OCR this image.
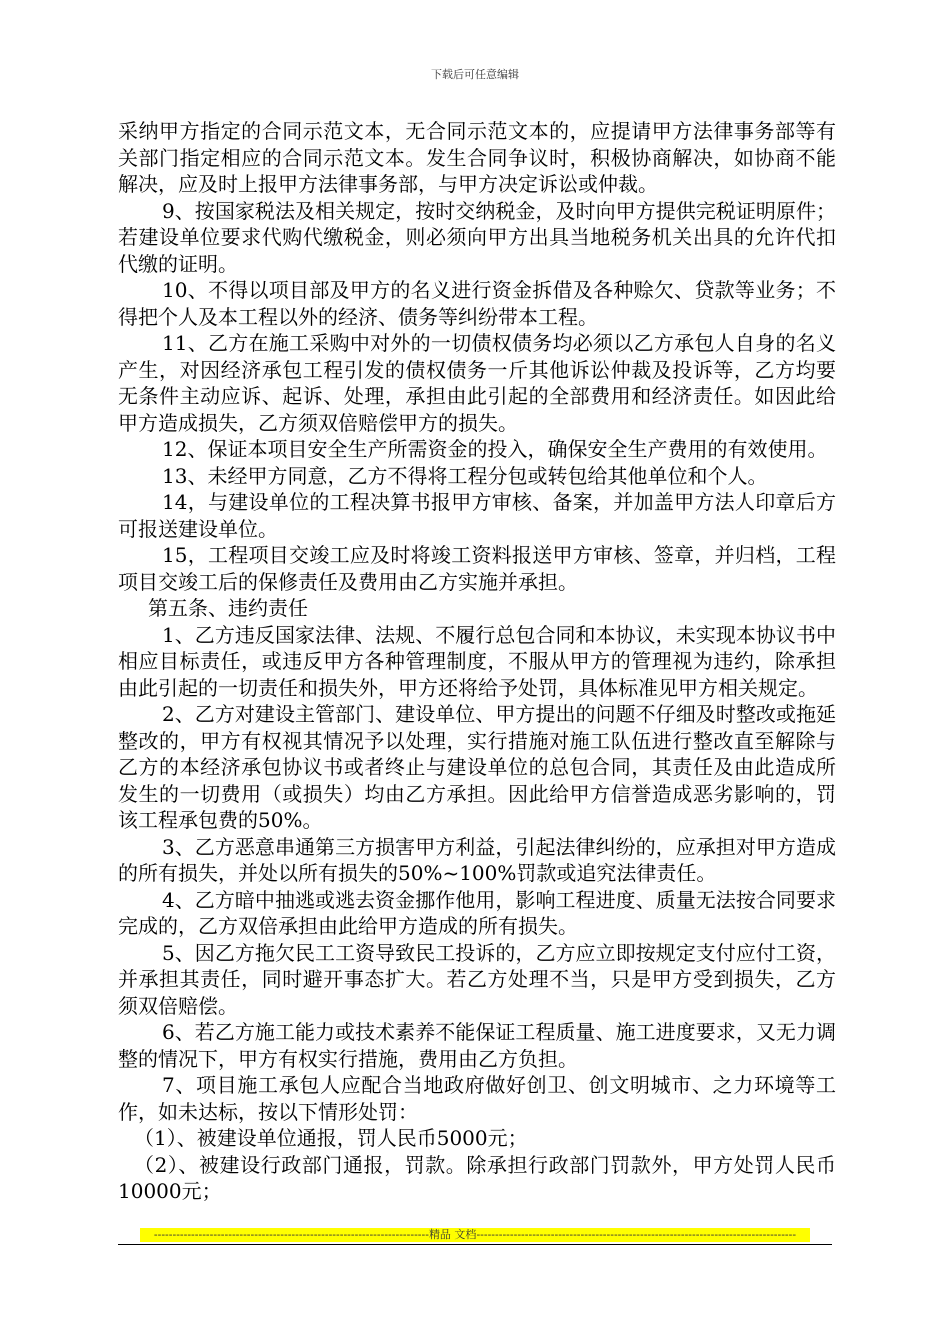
下载后可任意编辑

采纳甲方指定的合同示范文本，无合同示范文本的，应提请甲方法律事务部等有关部门指定相应的合同示范文本。发生合同争议时，积极协商解决，如协商不能解决，应及时上报甲方法律事务部，与甲方决定诉讼或仲裁。

9、按国家税法及相关规定，按时交纳税金，及时向甲方提供完税证明原件；若建设单位要求代购代缴税金，则必须向甲方出具当地税务机关出具的允许代扣代缴的证明。

10、不得以项目部及甲方的名义进行资金拆借及各种赊欠、贷款等业务；不得把个人及本工程以外的经济、债务等纠纷带本工程。

11、乙方在施工采购中对外的一切债权债务均必须以乙方承包人自身的名义产生，对因经济承包工程引发的债权债务一斤其他诉讼仲裁及投诉等，乙方均要无条件主动应诉、起诉、处理，承担由此引起的全部费用和经济责任。如因此给甲方造成损失，乙方须双倍赔偿甲方的损失。

12、保证本项目安全生产所需资金的投入，确保安全生产费用的有效使用。

13、未经甲方同意，乙方不得将工程分包或转包给其他单位和个人。

14，与建设单位的工程决算书报甲方审核、备案，并加盖甲方法人印章后方可报送建设单位。

15，工程项目交竣工应及时将竣工资料报送甲方审核、签章，并归档，工程项目交竣工后的保修责任及费用由乙方实施并承担。

第五条、违约责任

1、乙方违反国家法律、法规、不履行总包合同和本协议，未实现本协议书中相应目标责任，或违反甲方各种管理制度，不服从甲方的管理视为违约，除承担由此引起的一切责任和损失外，甲方还将给予处罚，具体标准见甲方相关规定。

2、乙方对建设主管部门、建设单位、甲方提出的问题不仔细及时整改或拖延整改的，甲方有权视其情况予以处理，实行措施对施工队伍进行整改直至解除与乙方的本经济承包协议书或者终止与建设单位的总包合同，其责任及由此造成所发生的一切费用（或损失）均由乙方承担。因此给甲方信誉造成恶劣影响的，罚该工程承包费的50%。

3、乙方恶意串通第三方损害甲方利益，引起法律纠纷的，应承担对甲方造成的所有损失，并处以所有损失的50%~100%罚款或追究法律责任。

4、乙方暗中抽逃或逃去资金挪作他用，影响工程进度、质量无法按合同要求完成的，乙方双倍承担由此给甲方造成的所有损失。

5、因乙方拖欠民工工资导致民工投诉的，乙方应立即按规定支付应付工资，并承担其责任，同时避开事态扩大。若乙方处理不当，只是甲方受到损失，乙方须双倍赔偿。

6、若乙方施工能力或技术素养不能保证工程质量、施工进度要求，又无力调整的情况下，甲方有权实行措施，费用由乙方负担。

7、项目施工承包人应配合当地政府做好创卫、创文明城市、之力环境等工作，如未达标，按以下情形处罚：

（1）、被建设单位通报，罚人民币5000元；

（2）、被建设行政部门通报，罚款。除承担行政部门罚款外，甲方处罚人民币10000元；

--------------------------------------------------------------------------精品 文档--------------------------------------------------------------------------------------
